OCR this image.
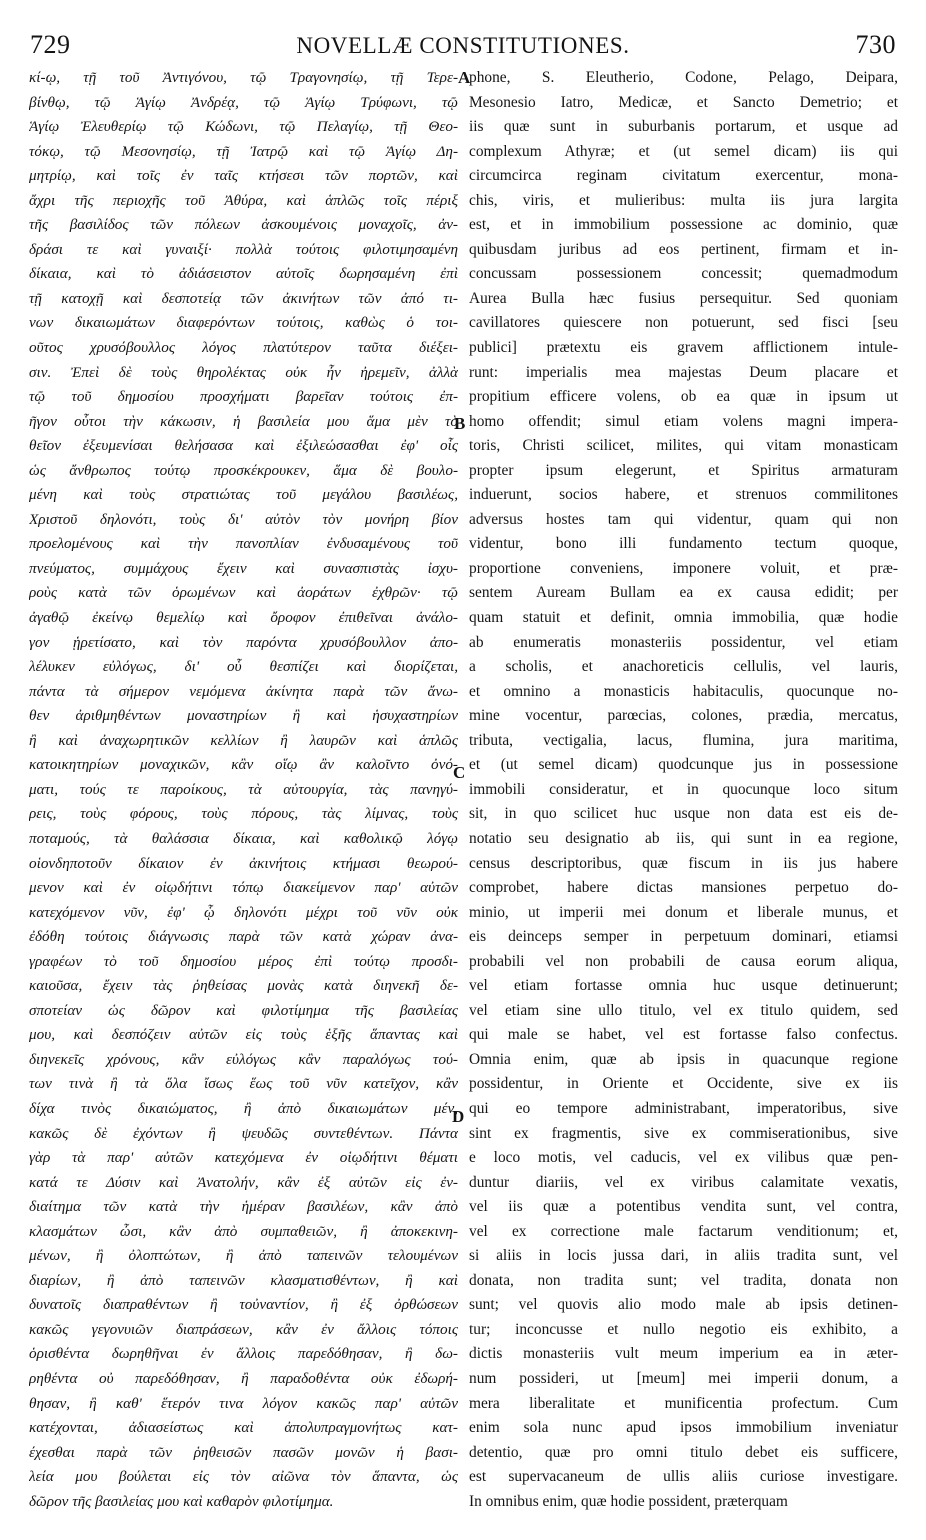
729	NOVELLÆ CONSTITUTIONES.	730
κί-ῳ, τῇ τοῦ Ἀντιγόνου, τῷ Τραγονησίῳ, τῇ Τερε-
βίνθῳ, τῷ Ἁγίῳ Ἀνδρέᾳ, τῷ Ἁγίῳ Τρύφωνι, τῷ
Ἁγίῳ Ἐλευθερίῳ τῷ Κώδωνι, τῷ Πελαγίῳ, τῇ Θεο-
τόκῳ, τῷ Μεσονησίῳ, τῇ Ἰατρῷ καὶ τῷ Ἁγίῳ Δη-
μητρίῳ, καὶ τοῖς ἐν ταῖς κτήσεσι τῶν πορτῶν, καὶ
ἄχρι τῆς περιοχῆς τοῦ Ἀθύρα, καὶ ἁπλῶς τοῖς πέριξ
τῆς βασιλίδος τῶν πόλεων ἀσκουμένοις μοναχοῖς, ἀν-
δράσι τε καὶ γυναιξί· πολλὰ τούτοις φιλοτιμησαμένη
δίκαια, καὶ τὸ ἀδιάσειστον αὐτοῖς δωρησαμένη ἐπὶ
τῇ κατοχῇ καὶ δεσποτείᾳ τῶν ἀκινήτων τῶν ἀπό τι-
νων δικαιωμάτων διαφερόντων τούτοις, καθὼς ὁ τοι-
οῦτος χρυσόβουλλος λόγος πλατύτερον ταῦτα διέξει-
σιν. Ἐπεὶ δὲ τοὺς θηρολέκτας οὐκ ἦν ἠρεμεῖν, ἀλλὰ
τῷ τοῦ δημοσίου προσχήματι βαρεῖαν τούτοις ἐπ-
ῆγον οὗτοι τὴν κάκωσιν, ἡ βασιλεία μου ἅμα μὲν τὸ
θεῖον ἐξευμενίσαι θελήσασα καὶ ἐξιλεώσασθαι ἐφ' οἷς
ὡς ἄνθρωπος τούτῳ προσκέκρουκεν, ἅμα δὲ βουλο-
μένη καὶ τοὺς στρατιώτας τοῦ μεγάλου βασιλέως,
Χριστοῦ δηλονότι, τοὺς δι' αὐτὸν τὸν μονήρη βίον
προελομένους καὶ τὴν πανοπλίαν ἐνδυσαμένους τοῦ
πνεύματος, συμμάχους ἔχειν καὶ συνασπιστὰς ἰσχυ-
ροὺς κατὰ τῶν ὁρωμένων καὶ ἀοράτων ἐχθρῶν· τῷ
ἀγαθῷ ἐκείνῳ θεμελίῳ καὶ ὄροφον ἐπιθεῖναι ἀνάλο-
γον ᾑρετίσατο, καὶ τὸν παρόντα χρυσόβουλλον ἀπο-
λέλυκεν εὐλόγως, δι' οὗ θεσπίζει καὶ διορίζεται,
πάντα τὰ σήμερον νεμόμενα ἀκίνητα παρὰ τῶν ἄνω-
θεν ἀριθμηθέντων μοναστηρίων ἢ καὶ ἡσυχαστηρίων
ἢ καὶ ἀναχωρητικῶν κελλίων ἢ λαυρῶν καὶ ἁπλῶς
κατοικητηρίων μοναχικῶν, κἂν οἵῳ ἂν καλοῖντο ὀνό-
ματι, τούς τε παροίκους, τὰ αὐτουργία, τὰς πανηγύ-
ρεις, τοὺς φόρους, τοὺς πόρους, τὰς λίμνας, τοὺς
ποταμούς, τὰ θαλάσσια δίκαια, καὶ καθολικῷ λόγῳ
οἱονδηποτοῦν δίκαιον ἐν ἀκινήτοις κτήμασι θεωρού-
μενον καὶ ἐν οἱῳδήτινι τόπῳ διακείμενον παρ' αὐτῶν
κατεχόμενον νῦν, ἐφ' ᾧ δηλονότι μέχρι τοῦ νῦν οὐκ
ἐδόθη τούτοις διάγνωσις παρὰ τῶν κατὰ χώραν ἀνα-
γραφέων τὸ τοῦ δημοσίου μέρος ἐπὶ τούτῳ προσδι-
καιοῦσα, ἔχειν τὰς ῥηθείσας μονὰς κατὰ διηνεκῆ δε-
σποτείαν ὡς δῶρον καὶ φιλοτίμημα τῆς βασιλείας
μου, καὶ δεσπόζειν αὐτῶν εἰς τοὺς ἑξῆς ἅπαντας καὶ
διηνεκεῖς χρόνους, κἂν εὐλόγως κἂν παραλόγως τού-
των τινὰ ἢ τὰ ὅλα ἴσως ἕως τοῦ νῦν κατεῖχον, κἂν
δίχα τινὸς δικαιώματος, ἢ ἀπὸ δικαιωμάτων μέν,
κακῶς δὲ ἐχόντων ἢ ψευδῶς συντεθέντων. Πάντα
γὰρ τὰ παρ' αὐτῶν κατεχόμενα ἐν οἱῳδήτινι θέματι
κατά τε Δύσιν καὶ Ἀνατολήν, κἂν ἐξ αὐτῶν εἰς ἐν-
διαίτημα τῶν κατὰ τὴν ἡμέραν βασιλέων, κἂν ἀπὸ
κλασμάτων ὦσι, κἂν ἀπὸ συμπαθειῶν, ἢ ἀποκεκινη-
μένων, ἢ ὀλοπτώτων, ἢ ἀπὸ ταπεινῶν τελουμένων
διαρίων, ἢ ἀπὸ ταπεινῶν κλασματισθέντων, ἢ καὶ
δυνατοῖς διαπραθέντων ἢ τοὐναντίον, ἢ ἐξ ὀρθώσεων
κακῶς γεγονυιῶν διαπράσεων, κἂν ἐν ἄλλοις τόποις
ὁρισθέντα δωρηθῆναι ἐν ἄλλοις παρεδόθησαν, ἢ δω-
ρηθέντα οὐ παρεδόθησαν, ἢ παραδοθέντα οὐκ ἐδωρή-
θησαν, ἢ καθ' ἕτερόν τινα λόγον κακῶς παρ' αὐτῶν
κατέχονται, ἀδιασείστως καὶ ἀπολυπραγμονήτως κατ-
έχεσθαι παρὰ τῶν ῥηθεισῶν πασῶν μονῶν ἡ βασι-
λεία μου βούλεται εἰς τὸν αἰῶνα τὸν ἅπαντα, ὡς
δῶρον τῆς βασιλείας μου καὶ καθαρὸν φιλοτίμημα.
phone, S. Eleutherio, Codone, Pelago, Deipara,
Mesonesio Iatro, Medicæ, et Sancto Demetrio; et
iis quæ sunt in suburbanis portarum, et usque ad
complexum Athyræ; et (ut semel dicam) iis qui
circumcirca reginam civitatum exercentur, mona-
chis, viris, et mulieribus: multa iis jura largita
est, et in immobilium possessione ac dominio, quæ
quibusdam juribus ad eos pertinent, firmam et in-
concussam possessionem concessit; quemadmodum
Aurea Bulla hæc fusius persequitur. Sed quoniam
cavillatores quiescere non potuerunt, sed fisci [seu
publici] prætextu eis gravem afflictionem intule-
runt: imperialis mea majestas Deum placare et
propitium efficere volens, ob ea quæ in ipsum ut
homo offendit; simul etiam volens magni impera-
toris, Christi scilicet, milites, qui vitam monasticam
propter ipsum elegerunt, et Spiritus armaturam
induerunt, socios habere, et strenuos commilitones
adversus hostes tam qui videntur, quam qui non
videntur, bono illi fundamento tectum quoque,
proportione conveniens, imponere voluit, et præ-
sentem Auream Bullam ea ex causa edidit; per
quam statuit et definit, omnia immobilia, quæ hodie
ab enumeratis monasteriis possidentur, vel etiam
a scholis, et anachoreticis cellulis, vel lauris,
et omnino a monasticis habitaculis, quocunque no-
mine vocentur, parœcias, colones, prædia, mercatus,
tributa, vectigalia, lacus, flumina, jura maritima,
et (ut semel dicam) quodcunque jus in possessione
immobili consideratur, et in quocunque loco situm
sit, in quo scilicet huc usque non data est eis de-
notatio seu designatio ab iis, qui sunt in ea regione,
census descriptoribus, quæ fiscum in iis jus habere
comprobet, habere dictas mansiones perpetuo do-
minio, ut imperii mei donum et liberale munus, et
eis deinceps semper in perpetuum dominari, etiamsi
probabili vel non probabili de causa eorum aliqua,
vel etiam fortasse omnia huc usque detinuerunt;
vel etiam sine ullo titulo, vel ex titulo quidem, sed
qui male se habet, vel est fortasse falso confectus.
Omnia enim, quæ ab ipsis in quacunque regione
possidentur, in Oriente et Occidente, sive ex iis
qui eo tempore administrabant, imperatoribus, sive
sint ex fragmentis, sive ex commiserationibus, sive
e loco motis, vel caducis, vel ex vilibus quæ pen-
duntur diariis, vel ex viribus calamitate vexatis,
vel iis quæ a potentibus vendita sunt, vel contra,
vel ex correctione male factarum venditionum; et,
si aliis in locis jussa dari, in aliis tradita sunt, vel
donata, non tradita sunt; vel tradita, donata non
sunt; vel quovis alio modo male ab ipsis detinen-
tur; inconcusse et nullo negotio eis exhibito, a
dictis monasteriis vult meum imperium ea in æter-
num possideri, ut [meum] mei imperii donum, a
mera liberalitate et munificentia profectum. Cum
enim sola nunc apud ipsos immobilium inveniatur
detentio, quæ pro omni titulo debet eis sufficere,
est supervacaneum de ullis aliis curiose investigare.
In omnibus enim, quæ hodie possident, præterquam
A
B
C
D
